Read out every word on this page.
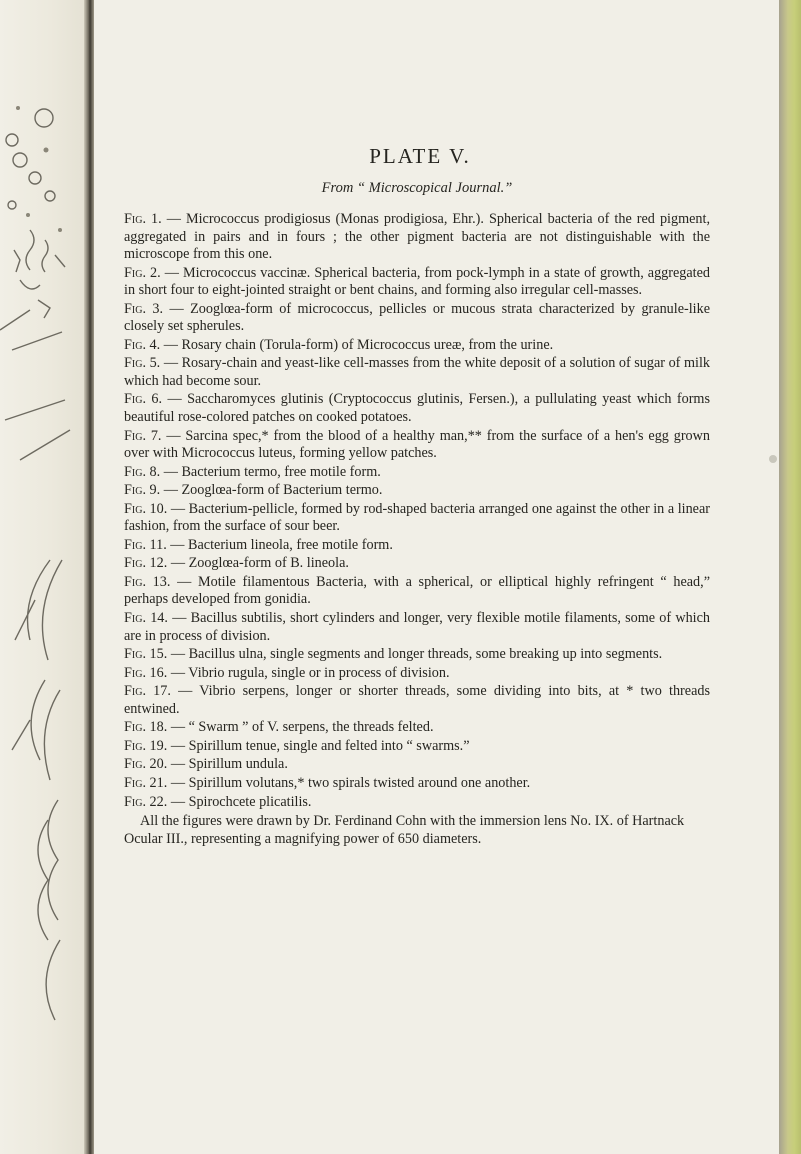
PLATE V.
From “ Microscopical Journal.”
Fig. 1. — Micrococcus prodigiosus (Monas prodigiosa, Ehr.). Spherical bacteria of the red pigment, aggregated in pairs and in fours ; the other pigment bacteria are not distinguishable with the microscope from this one.
Fig. 2. — Micrococcus vaccinæ. Spherical bacteria, from pock-lymph in a state of growth, aggregated in short four to eight-jointed straight or bent chains, and forming also irregular cell-masses.
Fig. 3. — Zooglœa-form of micrococcus, pellicles or mucous strata characterized by granule-like closely set spherules.
Fig. 4. — Rosary chain (Torula-form) of Micrococcus ureæ, from the urine.
Fig. 5. — Rosary-chain and yeast-like cell-masses from the white deposit of a solution of sugar of milk which had become sour.
Fig. 6. — Saccharomyces glutinis (Cryptococcus glutinis, Fersen.), a pullulating yeast which forms beautiful rose-colored patches on cooked potatoes.
Fig. 7. — Sarcina spec,* from the blood of a healthy man,** from the surface of a hen's egg grown over with Micrococcus luteus, forming yellow patches.
Fig. 8. — Bacterium termo, free motile form.
Fig. 9. — Zooglœa-form of Bacterium termo.
Fig. 10. — Bacterium-pellicle, formed by rod-shaped bacteria arranged one against the other in a linear fashion, from the surface of sour beer.
Fig. 11. — Bacterium lineola, free motile form.
Fig. 12. — Zooglœa-form of B. lineola.
Fig. 13. — Motile filamentous Bacteria, with a spherical, or elliptical highly refringent “ head,” perhaps developed from gonidia.
Fig. 14. — Bacillus subtilis, short cylinders and longer, very flexible motile filaments, some of which are in process of division.
Fig. 15. — Bacillus ulna, single segments and longer threads, some breaking up into segments.
Fig. 16. — Vibrio rugula, single or in process of division.
Fig. 17. — Vibrio serpens, longer or shorter threads, some dividing into bits, at * two threads entwined.
Fig. 18. — “ Swarm ” of V. serpens, the threads felted.
Fig. 19. — Spirillum tenue, single and felted into “ swarms.”
Fig. 20. — Spirillum undula.
Fig. 21. — Spirillum volutans,* two spirals twisted around one another.
Fig. 22. — Spirochcete plicatilis.
All the figures were drawn by Dr. Ferdinand Cohn with the immersion lens No. IX. of Hartnack Ocular III., representing a magnifying power of 650 diameters.
